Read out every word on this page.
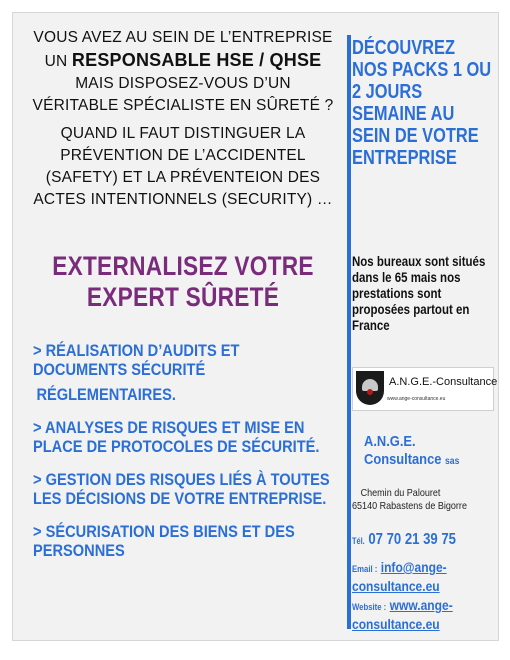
VOUS AVEZ AU SEIN DE L’ENTREPRISE
UN RESPONSABLE HSE / QHSE
MAIS DISPOSEZ-VOUS D’UN
VÉRITABLE SPÉCIALISTE EN SÛRETÉ ?
QUAND IL FAUT DISTINGUER LA
PRÉVENTION DE L’ACCIDENTEL
(SAFETY) ET LA PRÉVENTEION DES
ACTES INTENTIONNELS (SECURITY) …
EXTERNALISEZ VOTRE
EXPERT SÛRETÉ
> RÉALISATION D’AUDITS ET DOCUMENTS SÉCURITÉ
RÉGLEMENTAIRES.
> ANALYSES DE RISQUES ET MISE EN PLACE DE PROTOCOLES DE SÉCURITÉ.
> GESTION DES RISQUES LIÉS À TOUTES LES DÉCISIONS DE VOTRE ENTREPRISE.
> SÉCURISATION DES BIENS ET DES PERSONNES
DÉCOUVREZ NOS PACKS 1 OU 2 JOURS SEMAINE AU SEIN DE VOTRE ENTREPRISE
Nos bureaux sont situés dans le 65 mais nos prestations sont proposées partout en France
A.N.G.E.-Consultance
www.ange-consultance.eu
A.N.G.E. Consultance sas
Chemin du Palouret
65140 Rabastens de Bigorre
Tél. 07 70 21 39 75
Email : info@ange-consultance.eu
Website : www.ange-consultance.eu
